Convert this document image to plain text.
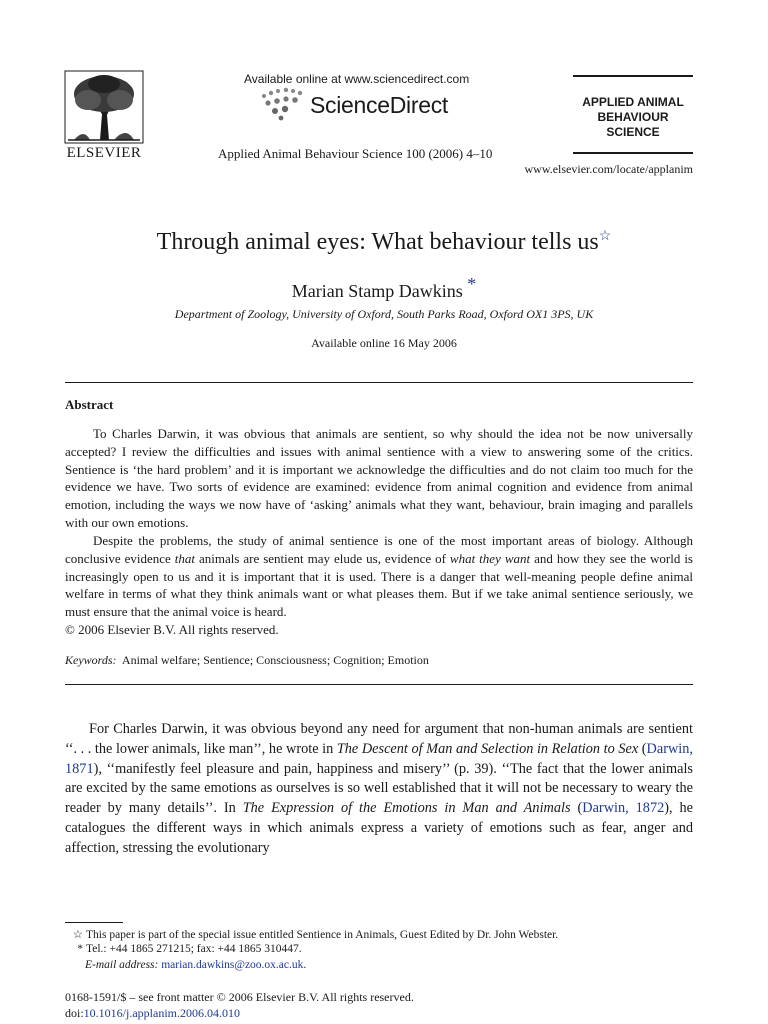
ELSEVIER
Available online at www.sciencedirect.com
ScienceDirect
Applied Animal Behaviour Science 100 (2006) 4–10
APPLIED ANIMAL
BEHAVIOUR
SCIENCE
www.elsevier.com/locate/applanim
Through animal eyes: What behaviour tells us☆
Marian Stamp Dawkins *
Department of Zoology, University of Oxford, South Parks Road, Oxford OX1 3PS, UK
Available online 16 May 2006
Abstract
To Charles Darwin, it was obvious that animals are sentient, so why should the idea not be now universally accepted? I review the difficulties and issues with animal sentience with a view to answering some of the critics. Sentience is ‘the hard problem’ and it is important we acknowledge the difficulties and do not claim too much for the evidence we have. Two sorts of evidence are examined: evidence from animal cognition and evidence from animal emotion, including the ways we now have of ‘asking’ animals what they want, behaviour, brain imaging and parallels with our own emotions.
Despite the problems, the study of animal sentience is one of the most important areas of biology. Although conclusive evidence that animals are sentient may elude us, evidence of what they want and how they see the world is increasingly open to us and it is important that it is used. There is a danger that well-meaning people define animal welfare in terms of what they think animals want or what pleases them. But if we take animal sentience seriously, we must ensure that the animal voice is heard.
© 2006 Elsevier B.V. All rights reserved.
Keywords: Animal welfare; Sentience; Consciousness; Cognition; Emotion
For Charles Darwin, it was obvious beyond any need for argument that non-human animals are sentient ‘‘. . . the lower animals, like man’’, he wrote in The Descent of Man and Selection in Relation to Sex (Darwin, 1871), ‘‘manifestly feel pleasure and pain, happiness and misery’’ (p. 39). ‘‘The fact that the lower animals are excited by the same emotions as ourselves is so well established that it will not be necessary to weary the reader by many details’’. In The Expression of the Emotions in Man and Animals (Darwin, 1872), he catalogues the different ways in which animals express a variety of emotions such as fear, anger and affection, stressing the evolutionary
☆ This paper is part of the special issue entitled Sentience in Animals, Guest Edited by Dr. John Webster.
* Tel.: +44 1865 271215; fax: +44 1865 310447.
E-mail address: marian.dawkins@zoo.ox.ac.uk.
0168-1591/$ – see front matter © 2006 Elsevier B.V. All rights reserved.
doi:10.1016/j.applanim.2006.04.010
